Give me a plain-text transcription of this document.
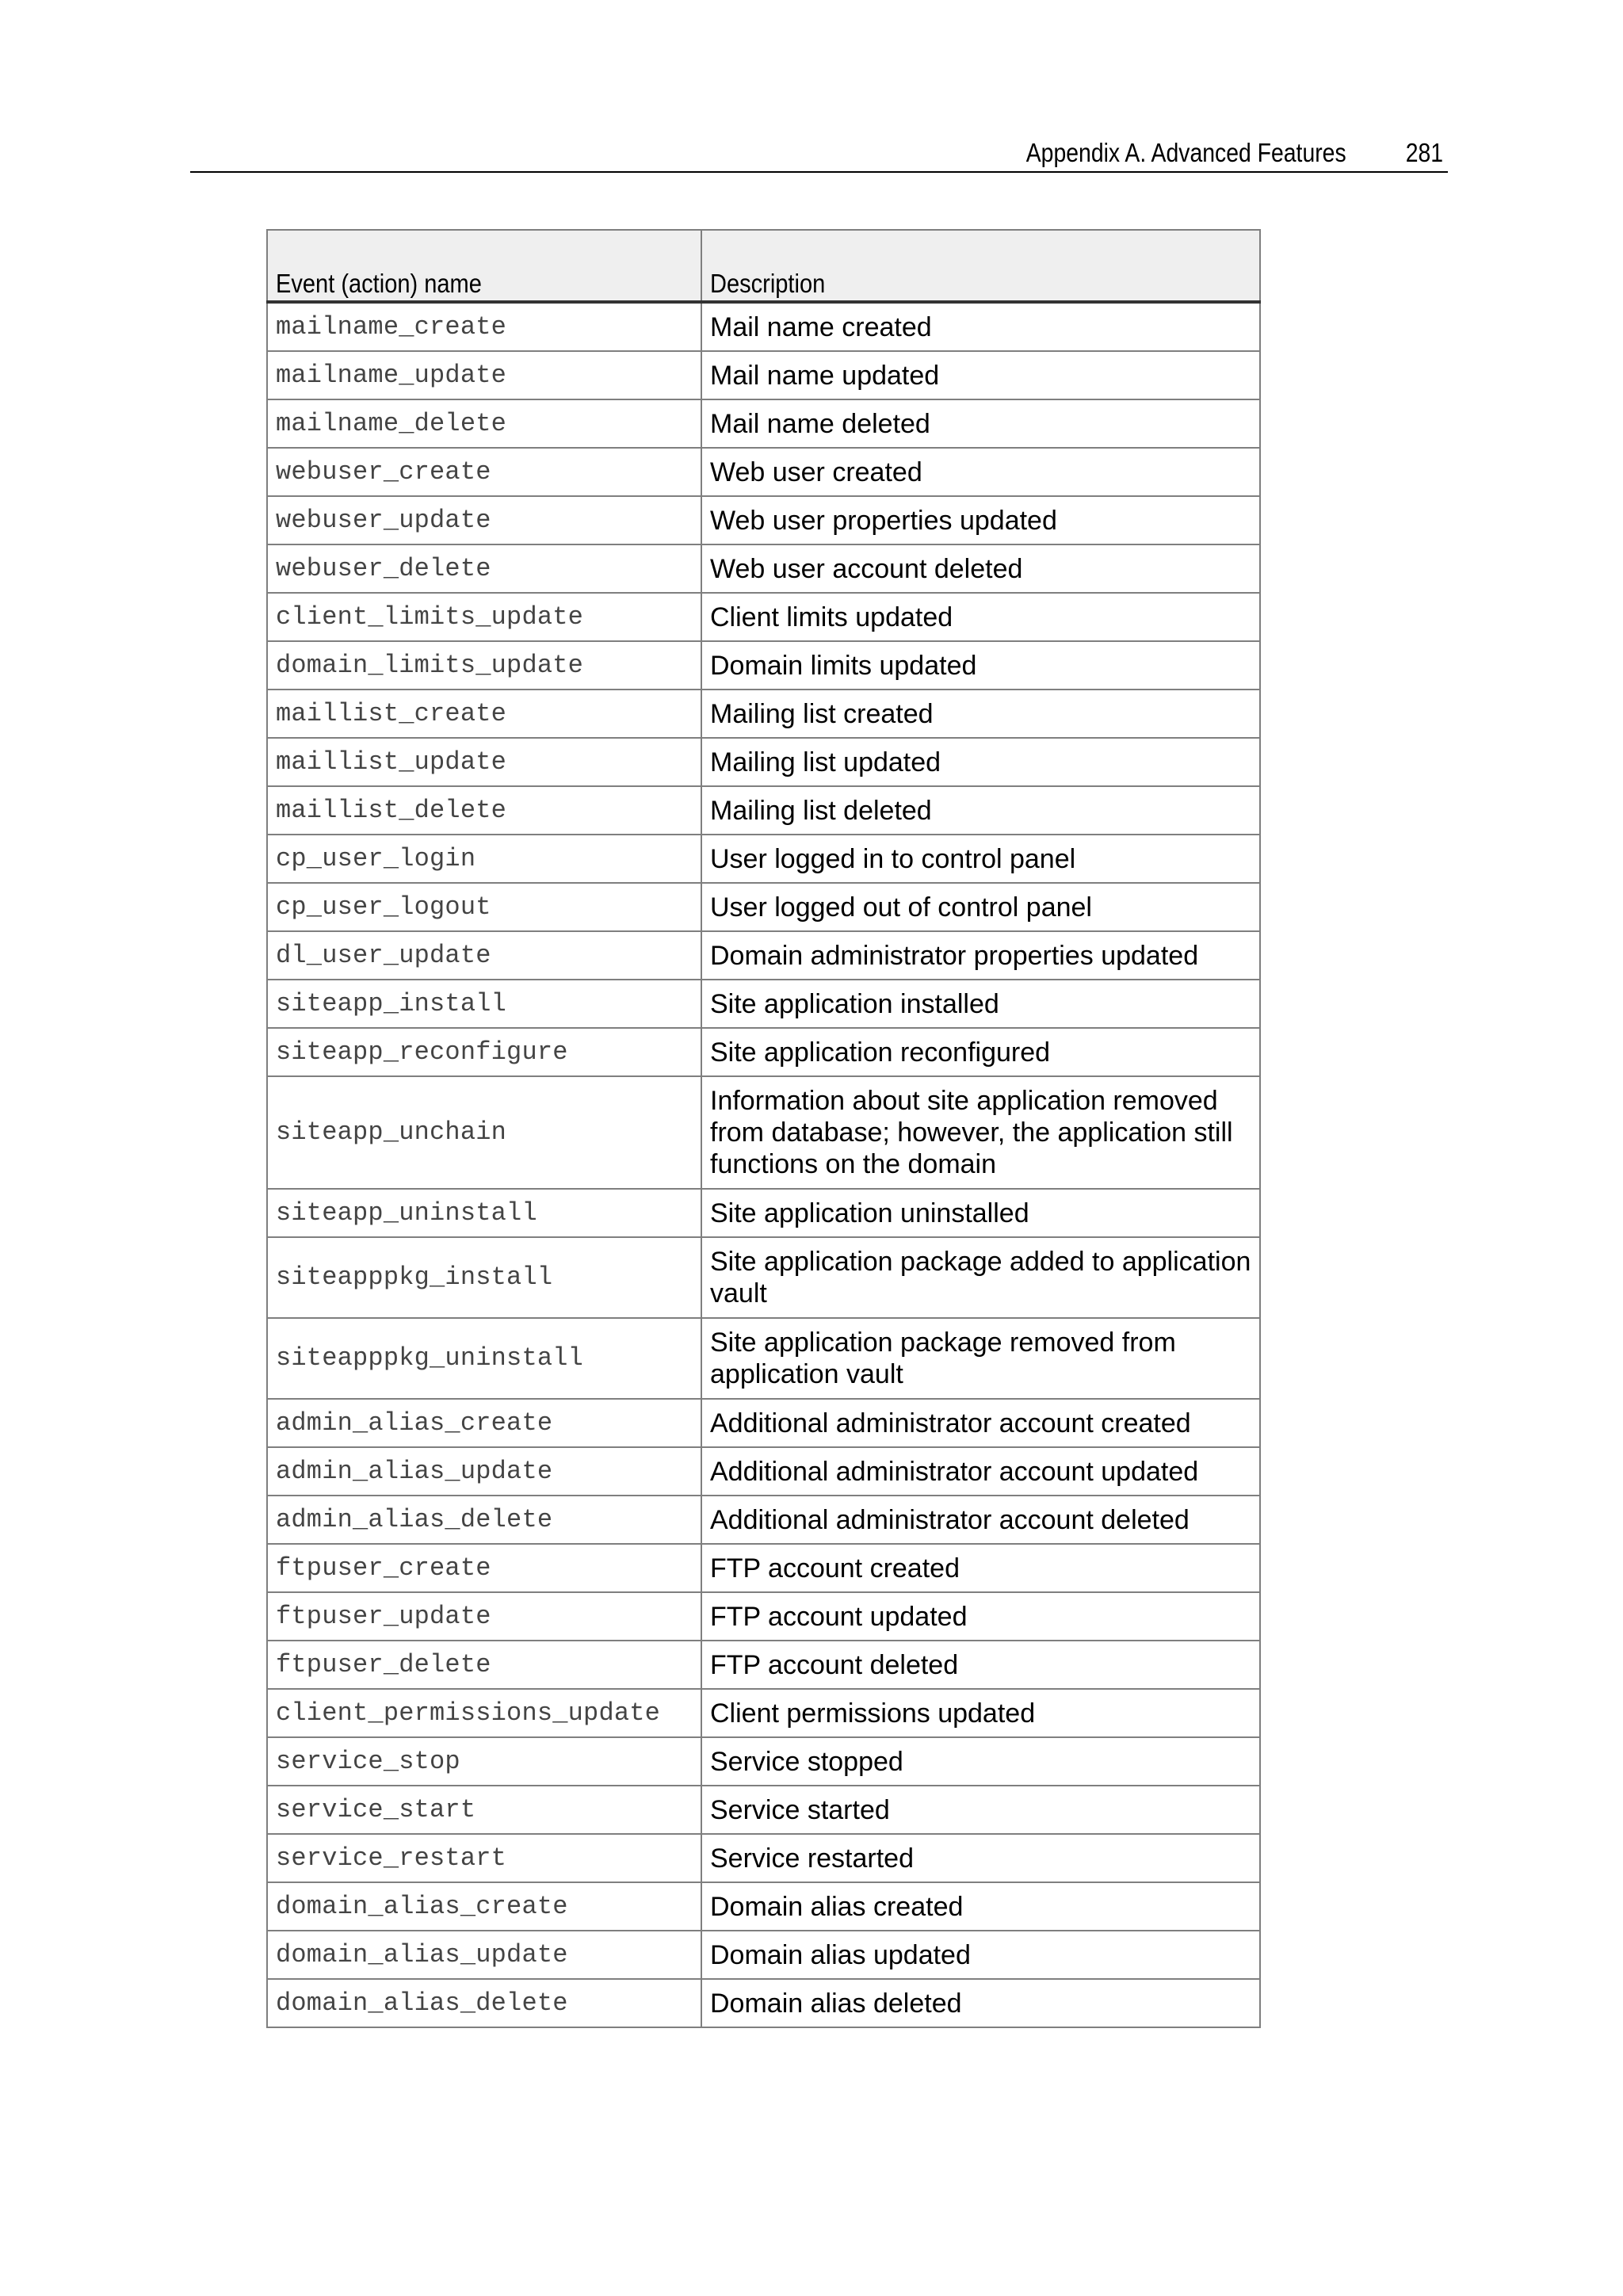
Appendix A. Advanced Features 281
Event (action) name	Description
mailname_create	Mail name created
mailname_update	Mail name updated
mailname_delete	Mail name deleted
webuser_create	Web user created
webuser_update	Web user properties updated
webuser_delete	Web user account deleted
client_limits_update	Client limits updated
domain_limits_update	Domain limits updated
maillist_create	Mailing list created
maillist_update	Mailing list updated
maillist_delete	Mailing list deleted
cp_user_login	User logged in to control panel
cp_user_logout	User logged out of control panel
dl_user_update	Domain administrator properties updated
siteapp_install	Site application installed
siteapp_reconfigure	Site application reconfigured
siteapp_unchain	Information about site application removed from database; however, the application still functions on the domain
siteapp_uninstall	Site application uninstalled
siteapppkg_install	Site application package added to application vault
siteapppkg_uninstall	Site application package removed from application vault
admin_alias_create	Additional administrator account created
admin_alias_update	Additional administrator account updated
admin_alias_delete	Additional administrator account deleted
ftpuser_create	FTP account created
ftpuser_update	FTP account updated
ftpuser_delete	FTP account deleted
client_permissions_update	Client permissions updated
service_stop	Service stopped
service_start	Service started
service_restart	Service restarted
domain_alias_create	Domain alias created
domain_alias_update	Domain alias updated
domain_alias_delete	Domain alias deleted
